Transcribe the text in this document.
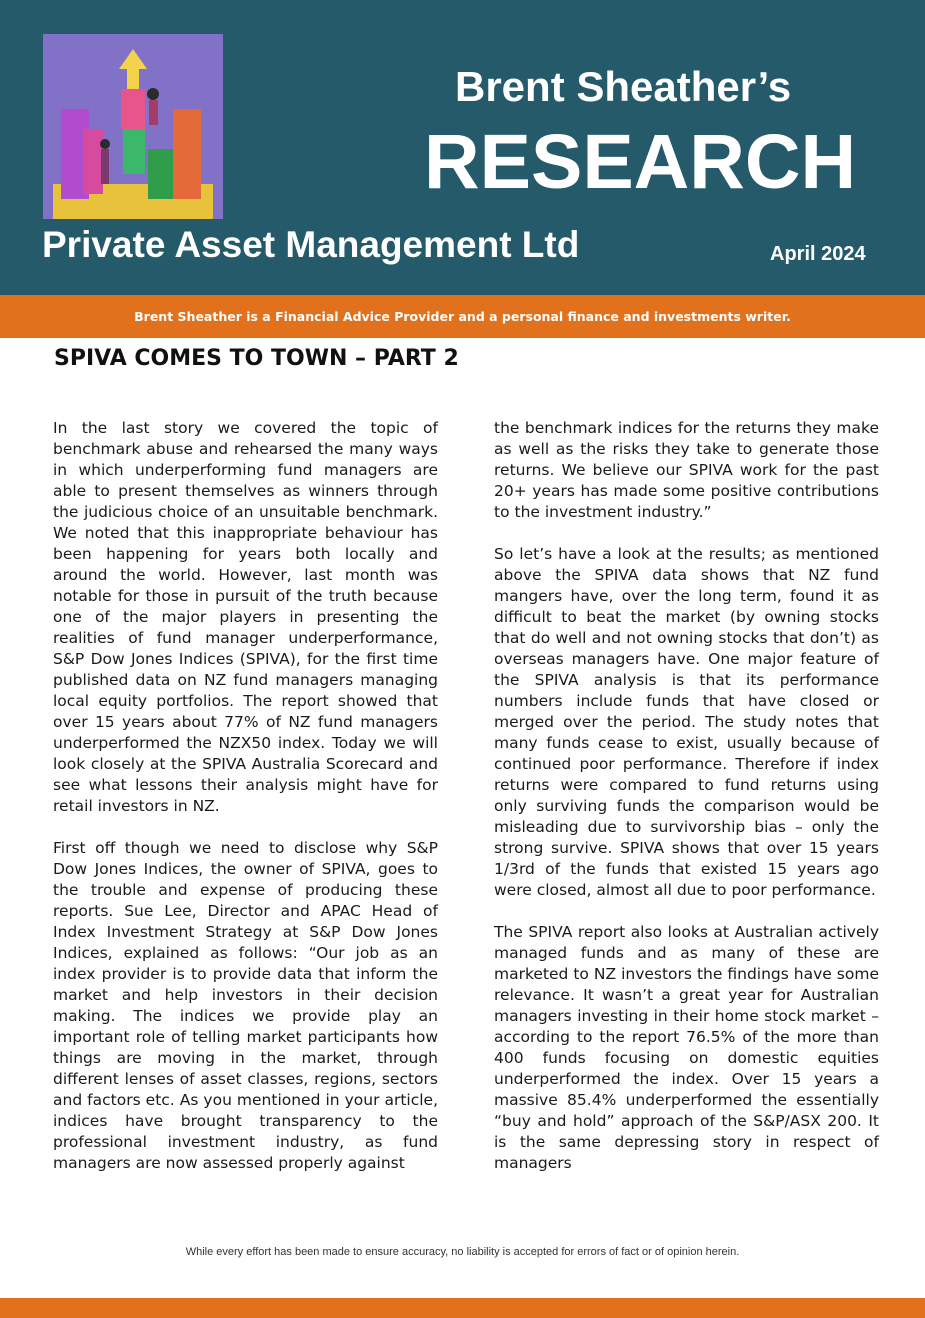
Brent Sheather’s
RESEARCH
Private Asset Management Ltd	April 2024
Brent Sheather is a Financial Advice Provider and a personal finance and investments writer.
SPIVA COMES TO TOWN – PART 2

In the last story we covered the topic of benchmark abuse and rehearsed the many ways in which underperforming fund managers are able to present themselves as winners through the judicious choice of an unsuitable benchmark. We noted that this inappropriate behaviour has been happening for years both locally and around the world. However, last month was notable for those in pursuit of the truth because one of the major players in presenting the realities of fund manager underperformance, S&P Dow Jones Indices (SPIVA), for the first time published data on NZ fund managers managing local equity portfolios. The report showed that over 15 years about 77% of NZ fund managers underperformed the NZX50 index. Today we will look closely at the SPIVA Australia Scorecard and see what lessons their analysis might have for retail investors in NZ.

First off though we need to disclose why S&P Dow Jones Indices, the owner of SPIVA, goes to the trouble and expense of producing these reports. Sue Lee, Director and APAC Head of Index Investment Strategy at S&P Dow Jones Indices, explained as follows: “Our job as an index provider is to provide data that inform the market and help investors in their decision making. The indices we provide play an important role of telling market participants how things are moving in the market, through different lenses of asset classes, regions, sectors and factors etc. As you mentioned in your article, indices have brought transparency to the professional investment industry, as fund managers are now assessed properly against

the benchmark indices for the returns they make as well as the risks they take to generate those returns. We believe our SPIVA work for the past 20+ years has made some positive contributions to the investment industry.”

So let’s have a look at the results; as mentioned above the SPIVA data shows that NZ fund mangers have, over the long term, found it as difficult to beat the market (by owning stocks that do well and not owning stocks that don’t) as overseas managers have. One major feature of the SPIVA analysis is that its performance numbers include funds that have closed or merged over the period. The study notes that many funds cease to exist, usually because of continued poor performance. Therefore if index returns were compared to fund returns using only surviving funds the comparison would be misleading due to survivorship bias – only the strong survive. SPIVA shows that over 15 years 1/3rd of the funds that existed 15 years ago were closed, almost all due to poor performance.

The SPIVA report also looks at Australian actively managed funds and as many of these are marketed to NZ investors the findings have some relevance. It wasn’t a great year for Australian managers investing in their home stock market – according to the report 76.5% of the more than 400 funds focusing on domestic equities underperformed the index. Over 15 years a massive 85.4% underperformed the essentially “buy and hold” approach of the S&P/ASX 200. It is the same depressing story in respect of managers

While every effort has been made to ensure accuracy, no liability is accepted for errors of fact or of opinion herein.
